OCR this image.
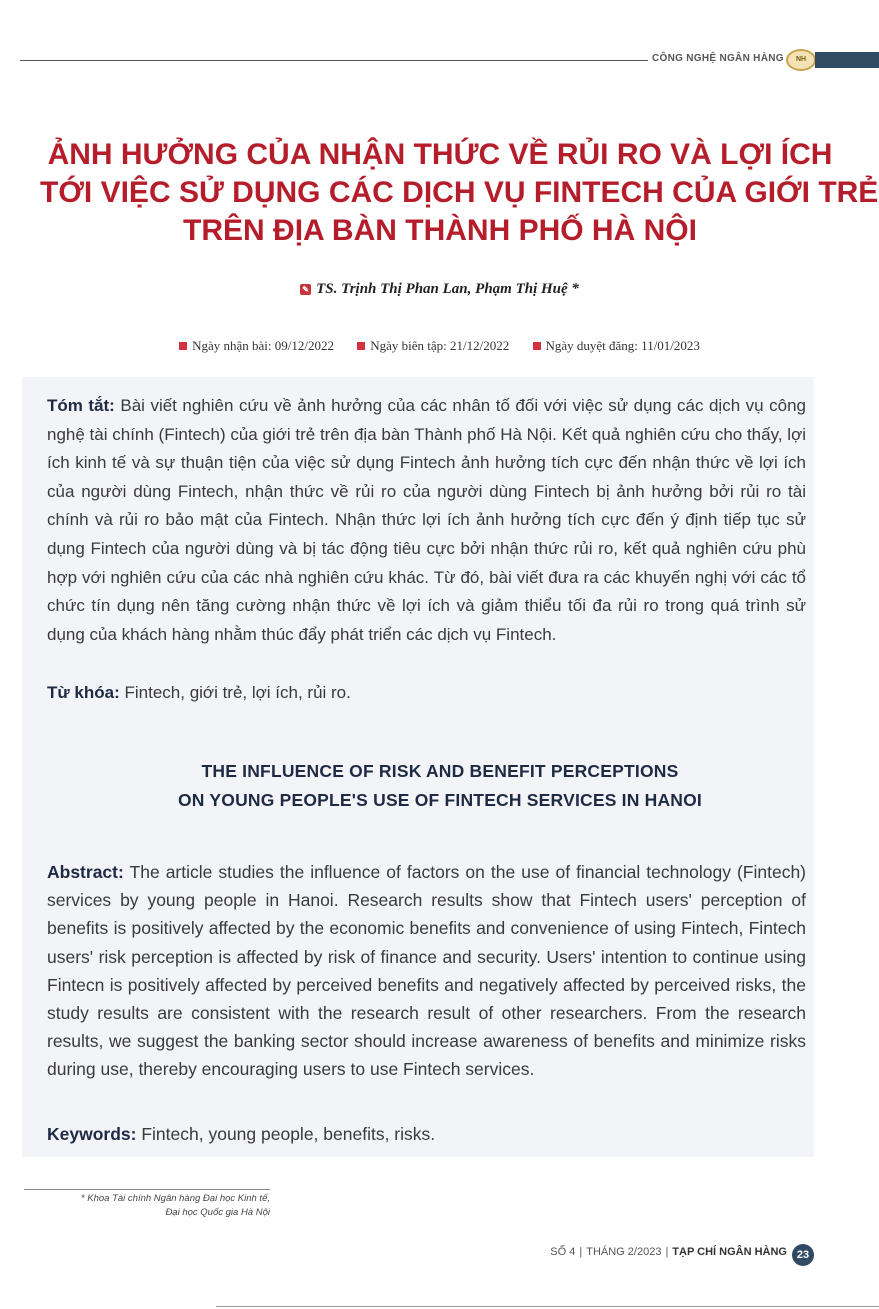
CÔNG NGHỆ NGÂN HÀNG	NH
ẢNH HƯỞNG CỦA NHẬN THỨC VỀ RỦI RO VÀ LỢI ÍCH
TỚI VIỆC SỬ DỤNG CÁC DỊCH VỤ FINTECH CỦA GIỚI TRẺ
TRÊN ĐỊA BÀN THÀNH PHỐ HÀ NỘI
✎ TS. Trịnh Thị Phan Lan, Phạm Thị Huệ *
Ngày nhận bài: 09/12/2022	Ngày biên tập: 21/12/2022	Ngày duyệt đăng: 11/01/2023

Tóm tắt: Bài viết nghiên cứu về ảnh hưởng của các nhân tố đối với việc sử dụng các dịch vụ công nghệ tài chính (Fintech) của giới trẻ trên địa bàn Thành phố Hà Nội. Kết quả nghiên cứu cho thấy, lợi ích kinh tế và sự thuận tiện của việc sử dụng Fintech ảnh hưởng tích cực đến nhận thức về lợi ích của người dùng Fintech, nhận thức về rủi ro của người dùng Fintech bị ảnh hưởng bởi rủi ro tài chính và rủi ro bảo mật của Fintech. Nhận thức lợi ích ảnh hưởng tích cực đến ý định tiếp tục sử dụng Fintech của người dùng và bị tác động tiêu cực bởi nhận thức rủi ro, kết quả nghiên cứu phù hợp với nghiên cứu của các nhà nghiên cứu khác. Từ đó, bài viết đưa ra các khuyến nghị với các tổ chức tín dụng nên tăng cường nhận thức về lợi ích và giảm thiểu tối đa rủi ro trong quá trình sử dụng của khách hàng nhằm thúc đẩy phát triển các dịch vụ Fintech.

Từ khóa: Fintech, giới trẻ, lợi ích, rủi ro.

THE INFLUENCE OF RISK AND BENEFIT PERCEPTIONS
ON YOUNG PEOPLE'S USE OF FINTECH SERVICES IN HANOI

Abstract: The article studies the influence of factors on the use of financial technology (Fintech) services by young people in Hanoi. Research results show that Fintech users' perception of benefits is positively affected by the economic benefits and convenience of using Fintech, Fintech users' risk perception is affected by risk of finance and security. Users' intention to continue using Fintecn is positively affected by perceived benefits and negatively affected by perceived risks, the study results are consistent with the research result of other researchers. From the research results, we suggest the banking sector should increase awareness of benefits and minimize risks during use, thereby encouraging users to use Fintech services.

Keywords: Fintech, young people, benefits, risks.

* Khoa Tài chính Ngân hàng Đại học Kinh tế,
Đại học Quốc gia Hà Nội
SỐ 4 | THÁNG 2/2023 | TẠP CHÍ NGÂN HÀNG 23
